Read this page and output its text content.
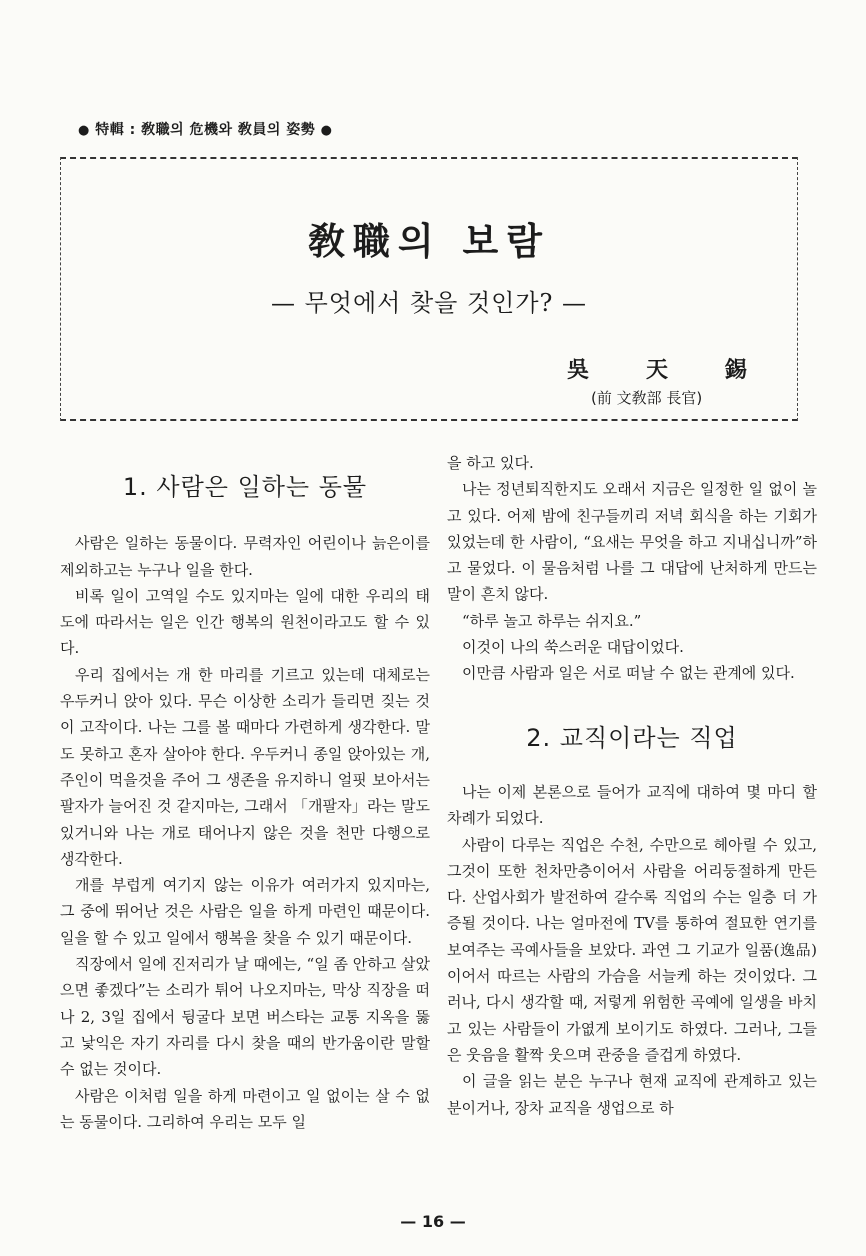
● 特輯 : 敎職의 危機와 敎員의 姿勢 ●
敎職의 보람
— 무엇에서 찾을 것인가? —
吳	天	錫
(前 文敎部 長官)
1. 사람은 일하는 동물

사람은 일하는 동물이다. 무력자인 어린이나 늙은이를 제외하고는 누구나 일을 한다.

비록 일이 고역일 수도 있지마는 일에 대한 우리의 태도에 따라서는 일은 인간 행복의 원천이라고도 할 수 있다.

우리 집에서는 개 한 마리를 기르고 있는데 대체로는 우두커니 앉아 있다. 무슨 이상한 소리가 들리면 짖는 것이 고작이다. 나는 그를 볼 때마다 가련하게 생각한다. 말도 못하고 혼자 살아야 한다. 우두커니 종일 앉아있는 개, 주인이 먹을것을 주어 그 생존을 유지하니 얼핏 보아서는 팔자가 늘어진 것 같지마는, 그래서 「개팔자」라는 말도 있거니와 나는 개로 태어나지 않은 것을 천만 다행으로 생각한다.

개를 부럽게 여기지 않는 이유가 여러가지 있지마는, 그 중에 뛰어난 것은 사람은 일을 하게 마련인 때문이다. 일을 할 수 있고 일에서 행복을 찾을 수 있기 때문이다.

직장에서 일에 진저리가 날 때에는, “일 좀 안하고 살았으면 좋겠다”는 소리가 튀어 나오지마는, 막상 직장을 떠나 2, 3일 집에서 뒹굴다 보면 버스타는 교통 지옥을 뚫고 낯익은 자기 자리를 다시 찾을 때의 반가움이란 말할 수 없는 것이다.

사람은 이처럼 일을 하게 마련이고 일 없이는 살 수 없는 동물이다. 그리하여 우리는 모두 일

을 하고 있다.

나는 정년퇴직한지도 오래서 지금은 일정한 일 없이 놀고 있다. 어제 밤에 친구들끼리 저녁 회식을 하는 기회가 있었는데 한 사람이, “요새는 무엇을 하고 지내십니까”하고 물었다. 이 물음처럼 나를 그 대답에 난처하게 만드는 말이 흔치 않다.

“하루 놀고 하루는 쉬지요.”

이것이 나의 쑥스러운 대답이었다.

이만큼 사람과 일은 서로 떠날 수 없는 관계에 있다.

2. 교직이라는 직업

나는 이제 본론으로 들어가 교직에 대하여 몇 마디 할 차례가 되었다.

사람이 다루는 직업은 수천, 수만으로 헤아릴 수 있고, 그것이 또한 천차만층이어서 사람을 어리둥절하게 만든다. 산업사회가 발전하여 갈수록 직업의 수는 일층 더 가증될 것이다. 나는 얼마전에 TV를 통하여 절묘한 연기를 보여주는 곡예사들을 보았다. 과연 그 기교가 일품(逸品)이어서 따르는 사람의 가슴을 서늘케 하는 것이었다. 그러나, 다시 생각할 때, 저렇게 위험한 곡예에 일생을 바치고 있는 사람들이 가엾게 보이기도 하였다. 그러나, 그들은 웃음을 활짝 웃으며 관중을 즐겁게 하였다.

이 글을 읽는 분은 누구나 현재 교직에 관계하고 있는 분이거나, 장차 교직을 생업으로 하

— 16 —
